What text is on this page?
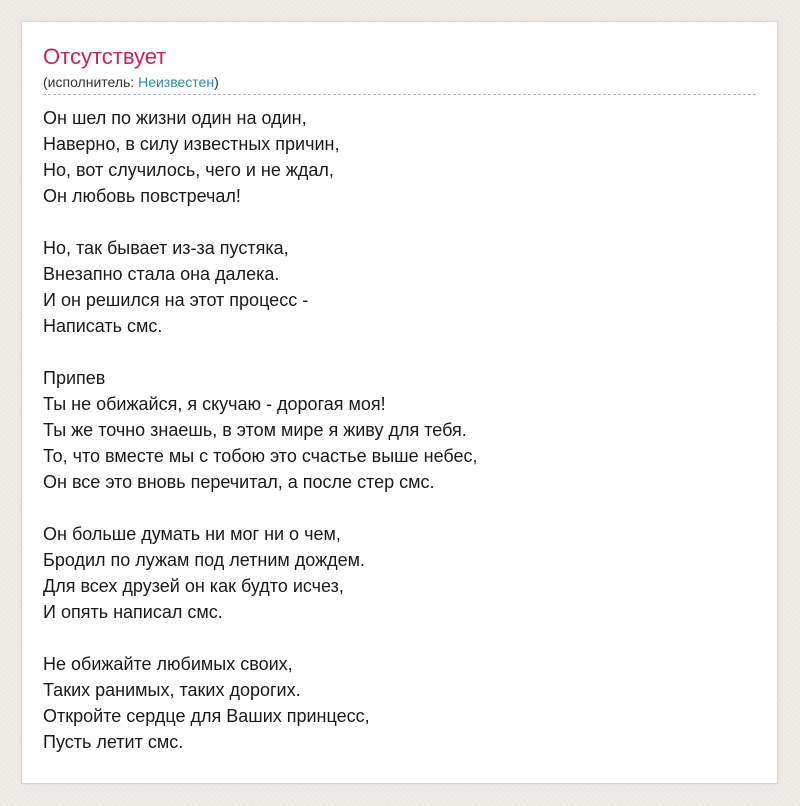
Отсутствует
(исполнитель: Неизвестен)
Он шел по жизни один на один,
Наверно, в силу известных причин,
Но, вот случилось, чего и не ждал,
Он любовь повстречал!
Но, так бывает из-за пустяка,
Внезапно стала она далека.
И он решился на этот процесс -
Написать смс.
Припев
Ты не обижайся, я скучаю - дорогая моя!
Ты же точно знаешь, в этом мире я живу для тебя.
То, что вместе мы с тобою это счастье выше небес,
Он все это вновь перечитал, а после стер смс.
Он больше думать ни мог ни о чем,
Бродил по лужам под летним дождем.
Для всех друзей он как будто исчез,
И опять написал смс.
Не обижайте любимых своих,
Таких ранимых, таких дорогих.
Откройте сердце для Ваших принцесс,
Пусть летит смс.
